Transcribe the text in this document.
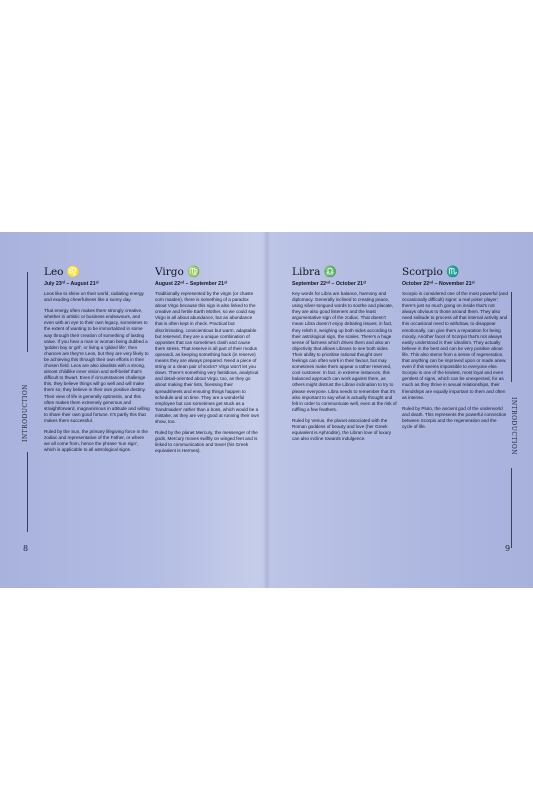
INTRODUCTION	INTRODUCTION
Leo ♌
July 23ʳᵈ – August 21ˢᵗ

Leos like to shine on their world, radiating energy and exuding cheerfulness like a sunny day.

That energy often makes them strongly creative, whether in artistic or business endeavours, and even with an eye to their own legacy, sometimes to the extent of wanting to be immortalized in some way through their creation of something of lasting value. If you hear a man or woman being dubbed a 'golden boy or girl', or living a 'gilded life', then chances are they're Leos, but they are very likely to be achieving this through their own efforts in their chosen field. Leos are also idealists with a strong, almost childlike inner vision and self-belief that's difficult to thwart. Even if circumstances challenge this, they believe things will go well and will make them so; they believe in their own positive destiny. Their view of life is generally optimistic, and this often makes them extremely generous and straightforward, magnanimous in attitude and willing to share their own good fortune. It's partly this that makes them successful.

Ruled by the Sun, the primary lifegiving force in the zodiac and representative of the Father, or where we all come from, hence the phrase 'sun sign', which is applicable to all astrological signs.

Virgo ♍
August 22ⁿᵈ – September 21ˢᵗ

Traditionally represented by the virgin (or chaste corn maiden), there is something of a paradox about Virgo because this sign is also linked to the creative and fertile Earth Mother, so we could say Virgo is all about abundance, but an abundance that is often kept in check. Practical but discriminating, conscientious but warm, adaptable but reserved, they are a unique combination of opposites that can sometimes clash and cause them stress. That reserve is all part of their modus operandi, as keeping something back (in reserve) means they are always prepared. Need a piece of string or a clean pair of socks? Virgo won't let you down. There's something very fastidious, analytical and detail-oriented about Virgo, too, as they go about making their lists, finessing their spreadsheets and ensuring things happen to schedule and on time. They are a wonderful employee but can sometimes get stuck as a 'handmaiden' rather than a boss, which would be a mistake, as they are very good at running their own show, too.

Ruled by the planet Mercury, the messenger of the gods, Mercury moves swiftly on winged feet and is linked to communication and travel (his Greek equivalent is Hermes).

Libra ♎
September 22ⁿᵈ – October 21ˢᵗ

Key words for Libra are balance, harmony and diplomacy. Generally inclined to creating peace, using silver-tongued words to soothe and placate, they are also good listeners and the least argumentative sign of the zodiac. That doesn't mean Libra doesn't enjoy debating issues; in fact, they relish it, weighing up both sides according to their astrological sign, the scales. There's a huge sense of fairness which drives them and also an objectivity that allows Librans to see both sides. Their ability to prioritise rational thought over feelings can often work in their favour, but may sometimes make them appear a rather reserved, cool customer. In fact, in extreme instances, this balanced approach can work against them, as others might distrust the Libran inclination to try to please everyone. Libra needs to remember that it's also important to say what is actually thought and felt in order to communicate well, even at the risk of ruffling a few feathers.

Ruled by Venus, the planet associated with the Roman goddess of beauty and love (her Greek equivalent is Aphrodite), the Libran love of luxury can also incline towards indulgence.

Scorpio ♏
October 22ⁿᵈ – November 21ˢᵗ

Scorpio is considered one of the most powerful (and occasionally difficult) signs: a real poker player; there's just so much going on inside that's not always obvious to those around them. They also need solitude to process all that internal activity and this occasional need to withdraw, to disappear emotionally, can give them a reputation for being moody. Another facet of Scorpio that's not always easily understood is their idealism. They actually believe in the best and can be very positive about life. This also stems from a sense of regeneration, that anything can be improved upon or made anew, even if this seems impossible to everyone else. Scorpio is one of the kindest, most loyal and even gentlest of signs, which can be unexpected, for as much as they thrive in sexual relationships, their friendships are equally important to them and often as intense.

Ruled by Pluto, the ancient god of the underworld and death. This represents the powerful connection between Scorpio and the regeneration and the cycle of life.

8	9
